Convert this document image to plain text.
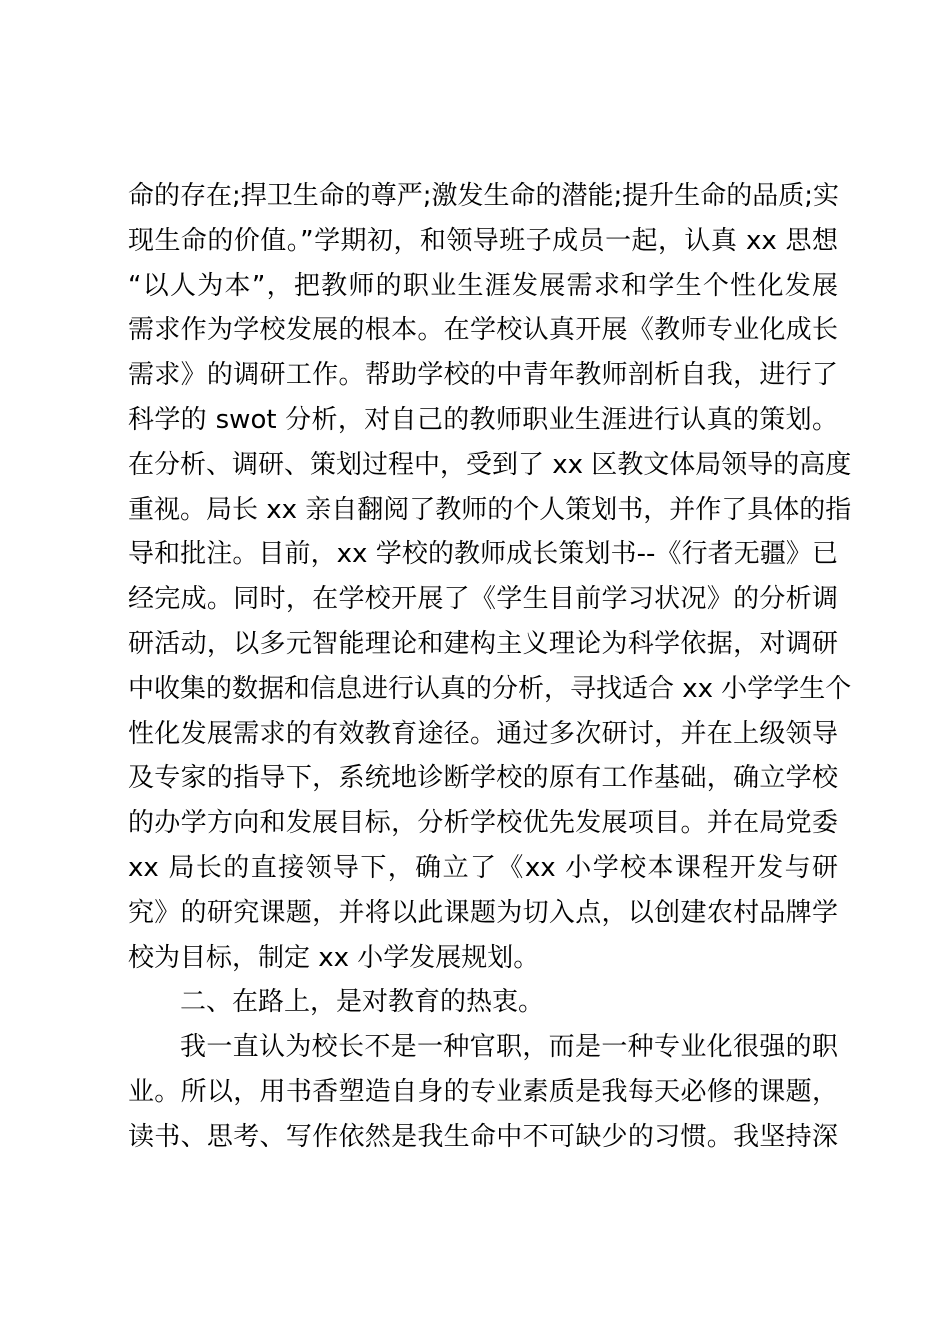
命的存在;捍卫生命的尊严;激发生命的潜能;提升生命的品质;实
现生命的价值。”学期初，和领导班子成员一起，认真 xx 思想
“以人为本”，把教师的职业生涯发展需求和学生个性化发展
需求作为学校发展的根本。在学校认真开展《教师专业化成长
需求》的调研工作。帮助学校的中青年教师剖析自我，进行了
科学的 swot 分析，对自己的教师职业生涯进行认真的策划。
在分析、调研、策划过程中，受到了 xx 区教文体局领导的高度
重视。局长 xx 亲自翻阅了教师的个人策划书，并作了具体的指
导和批注。目前，xx 学校的教师成长策划书--《行者无疆》已
经完成。同时，在学校开展了《学生目前学习状况》的分析调
研活动，以多元智能理论和建构主义理论为科学依据，对调研
中收集的数据和信息进行认真的分析，寻找适合 xx 小学学生个
性化发展需求的有效教育途径。通过多次研讨，并在上级领导
及专家的指导下，系统地诊断学校的原有工作基础，确立学校
的办学方向和发展目标，分析学校优先发展项目。并在局党委
xx 局长的直接领导下，确立了《xx 小学校本课程开发与研
究》的研究课题，并将以此课题为切入点，以创建农村品牌学
校为目标，制定 xx 小学发展规划。
二、在路上，是对教育的热衷。
我一直认为校长不是一种官职，而是一种专业化很强的职
业。所以，用书香塑造自身的专业素质是我每天必修的课题，
读书、思考、写作依然是我生命中不可缺少的习惯。我坚持深
